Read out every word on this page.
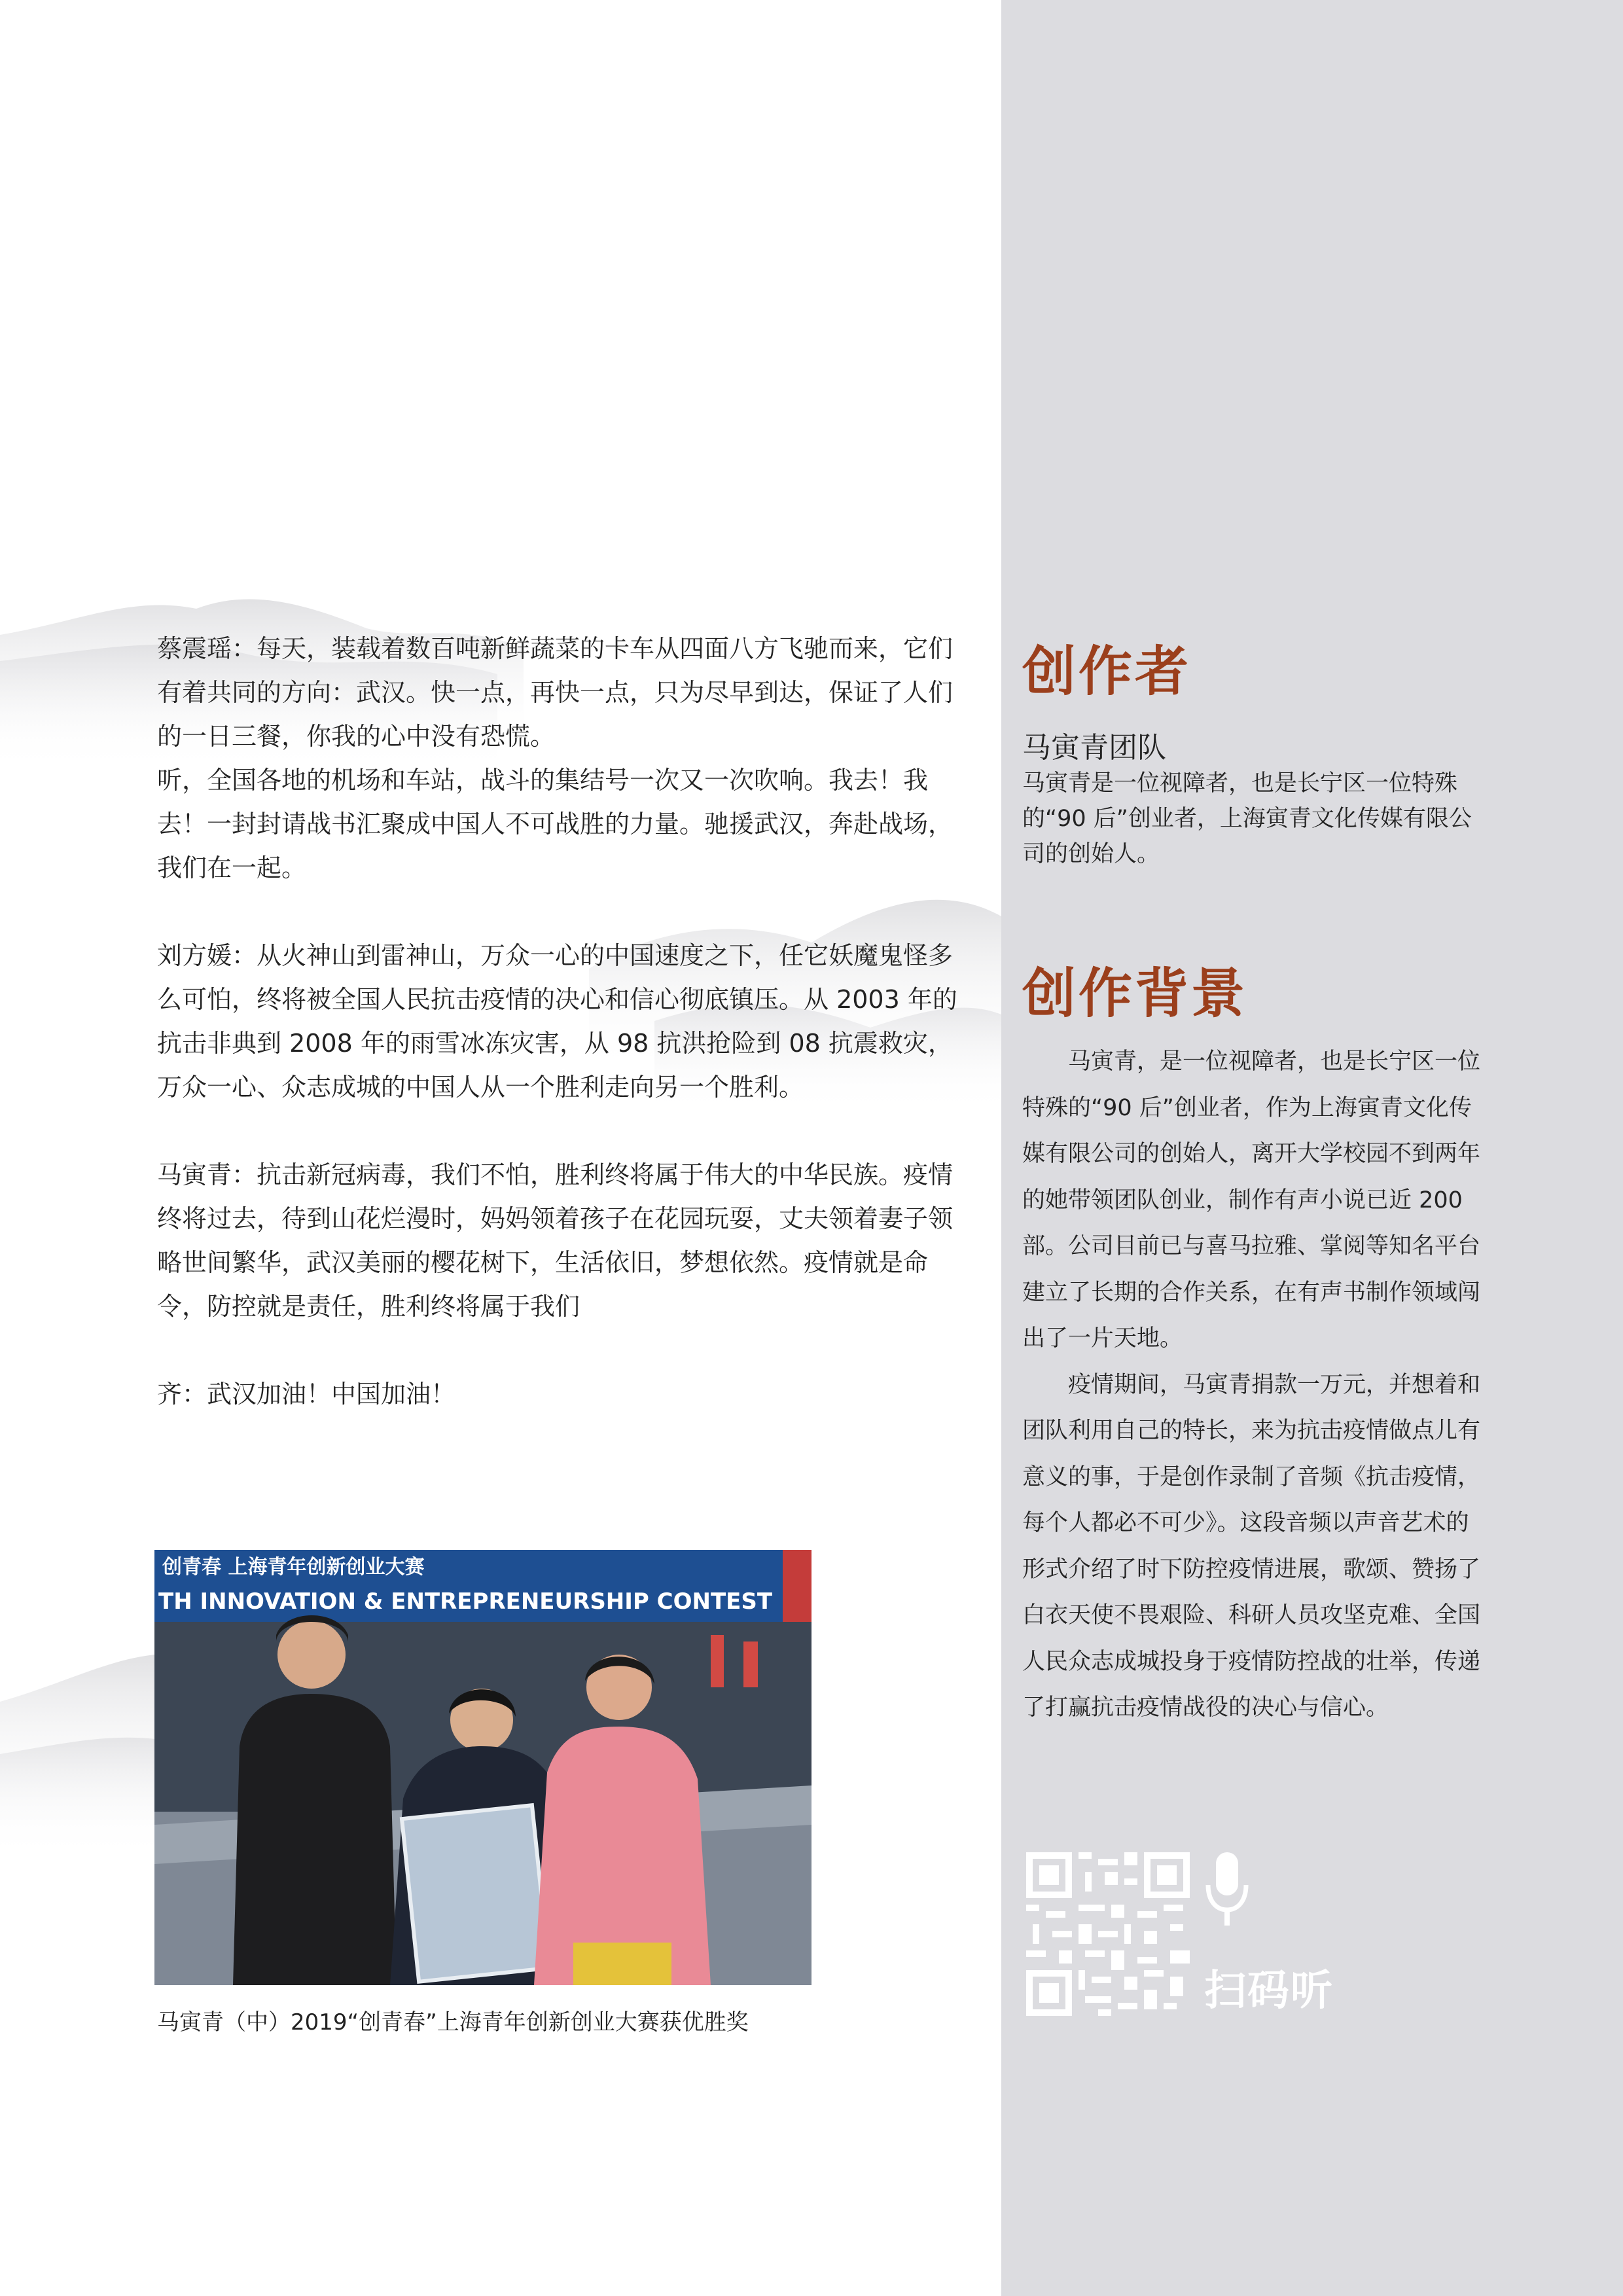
蔡震瑶：每天，装载着数百吨新鲜蔬菜的卡车从四面八方飞驰而来，它们有着共同的方向：武汉。快一点，再快一点，只为尽早到达，保证了人们的一日三餐，你我的心中没有恐慌。

听，全国各地的机场和车站，战斗的集结号一次又一次吹响。我去！我去！一封封请战书汇聚成中国人不可战胜的力量。驰援武汉，奔赴战场，我们在一起。

刘方媛：从火神山到雷神山，万众一心的中国速度之下，任它妖魔鬼怪多么可怕，终将被全国人民抗击疫情的决心和信心彻底镇压。从 2003 年的抗击非典到 2008 年的雨雪冰冻灾害，从 98 抗洪抢险到 08 抗震救灾，万众一心、众志成城的中国人从一个胜利走向另一个胜利。

马寅青：抗击新冠病毒，我们不怕，胜利终将属于伟大的中华民族。疫情终将过去，待到山花烂漫时，妈妈领着孩子在花园玩耍，丈夫领着妻子领略世间繁华，武汉美丽的樱花树下，生活依旧，梦想依然。疫情就是命令，防控就是责任，胜利终将属于我们

齐：武汉加油！中国加油！

创青春 上海青年创新创业大赛
TH INNOVATION & ENTREPRENEURSHIP CONTEST
马寅青（中）2019“创青春”上海青年创新创业大赛获优胜奖
创作者
马寅青团队
马寅青是一位视障者，也是长宁区一位特殊的“90 后”创业者，上海寅青文化传媒有限公司的创始人。
创作背景

马寅青，是一位视障者，也是长宁区一位特殊的“90 后”创业者，作为上海寅青文化传媒有限公司的创始人，离开大学校园不到两年的她带领团队创业，制作有声小说已近 200 部。公司目前已与喜马拉雅、掌阅等知名平台建立了长期的合作关系，在有声书制作领域闯出了一片天地。

疫情期间，马寅青捐款一万元，并想着和团队利用自己的特长，来为抗击疫情做点儿有意义的事，于是创作录制了音频《抗击疫情，每个人都必不可少》。这段音频以声音艺术的形式介绍了时下防控疫情进展，歌颂、赞扬了白衣天使不畏艰险、科研人员攻坚克难、全国人民众志成城投身于疫情防控战的壮举，传递了打赢抗击疫情战役的决心与信心。

扫码听
